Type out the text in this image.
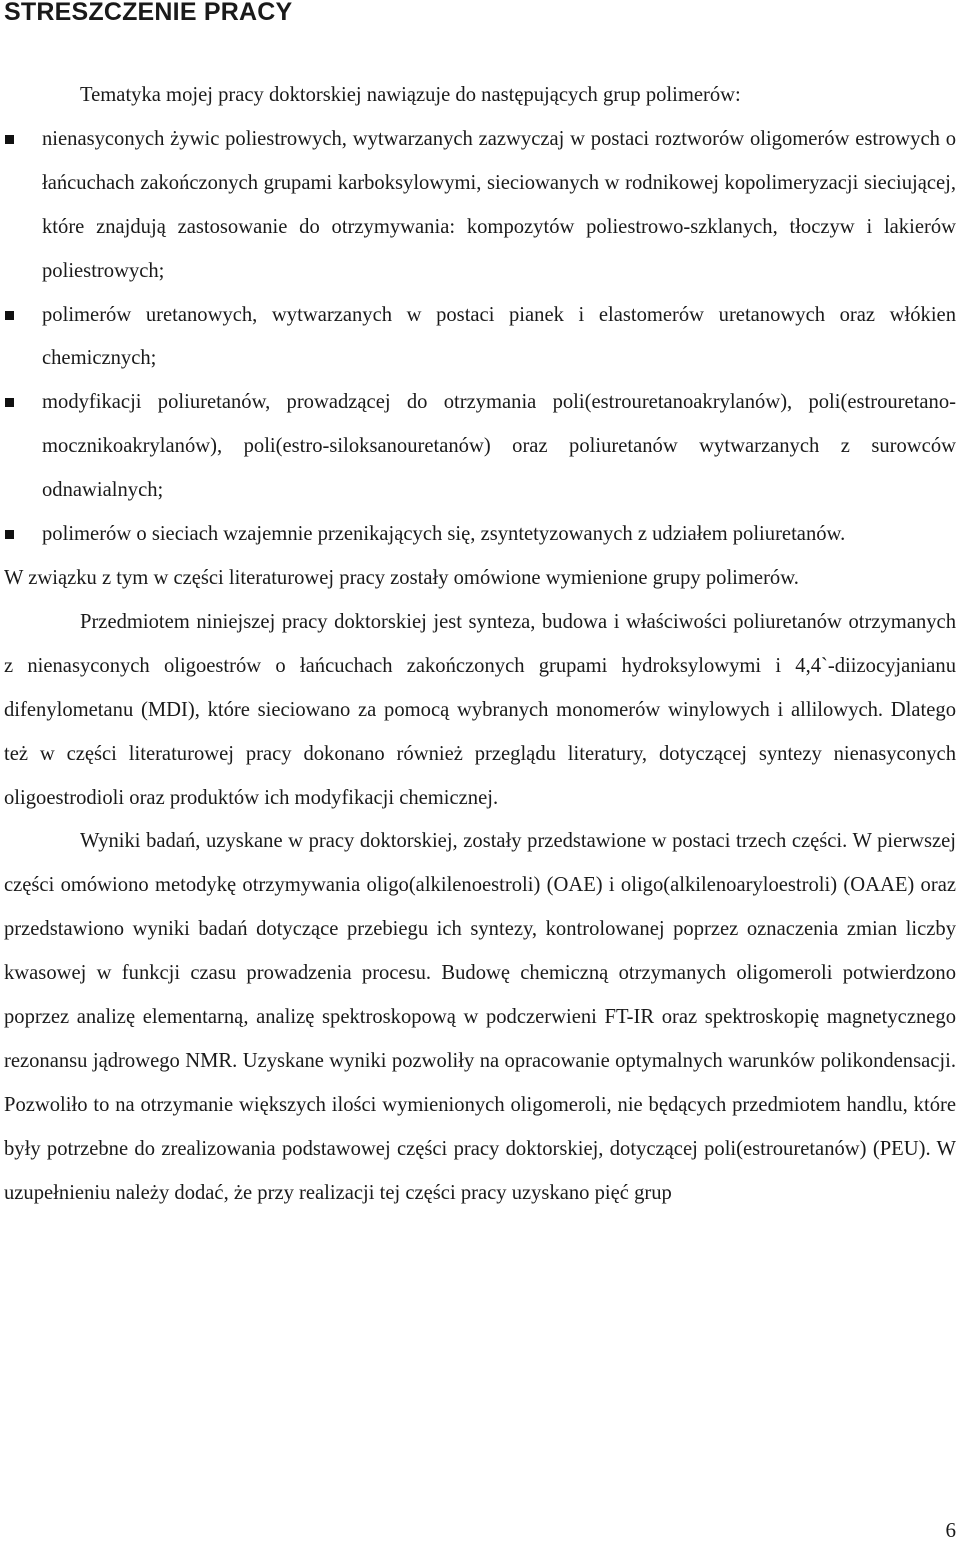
STRESZCZENIE PRACY

Tematyka mojej pracy doktorskiej nawiązuje do następujących grup polimerów:

nienasyconych żywic poliestrowych, wytwarzanych zazwyczaj w postaci roztworów oligomerów estrowych o łańcuchach zakończonych grupami karboksylowymi, sieciowanych w rodnikowej kopolimeryzacji sieciującej, które znajdują zastosowanie do otrzymywania: kompozytów poliestrowo-szklanych, tłoczyw i lakierów poliestrowych;
polimerów uretanowych, wytwarzanych w postaci pianek i elastomerów uretanowych oraz włókien chemicznych;
modyfikacji poliuretanów, prowadzącej do otrzymania poli(estrouretanoakrylanów), poli(estrouretano-mocznikoakrylanów), poli(estro-siloksanouretanów) oraz poliuretanów wytwarzanych z surowców odnawialnych;
polimerów o sieciach wzajemnie przenikających się, zsyntetyzowanych z udziałem poliuretanów.

W związku z tym w części literaturowej pracy zostały omówione wymienione grupy polimerów.

Przedmiotem niniejszej pracy doktorskiej jest synteza, budowa i właściwości poliuretanów otrzymanych z nienasyconych oligoestrów o łańcuchach zakończonych grupami hydroksylowymi i 4,4`-diizocyjanianu difenylometanu (MDI), które sieciowano za pomocą wybranych monomerów winylowych i allilowych. Dlatego też w części literaturowej pracy dokonano również przeglądu literatury, dotyczącej syntezy nienasyconych oligoestrodioli oraz produktów ich modyfikacji chemicznej.

Wyniki badań, uzyskane w pracy doktorskiej, zostały przedstawione w postaci trzech części. W pierwszej części omówiono metodykę otrzymywania oligo(alkilenoestroli) (OAE) i oligo(alkilenoaryloestroli) (OAAE) oraz przedstawiono wyniki badań dotyczące przebiegu ich syntezy, kontrolowanej poprzez oznaczenia zmian liczby kwasowej w funkcji czasu prowadzenia procesu. Budowę chemiczną otrzymanych oligomeroli potwierdzono poprzez analizę elementarną, analizę spektroskopową w podczerwieni FT-IR oraz spektroskopię magnetycznego rezonansu jądrowego NMR. Uzyskane wyniki pozwoliły na opracowanie optymalnych warunków polikondensacji. Pozwoliło to na otrzymanie większych ilości wymienionych oligomeroli, nie będących przedmiotem handlu, które były potrzebne do zrealizowania podstawowej części pracy doktorskiej, dotyczącej poli(estrouretanów) (PEU). W uzupełnieniu należy dodać, że przy realizacji tej części pracy uzyskano pięć grup

6
